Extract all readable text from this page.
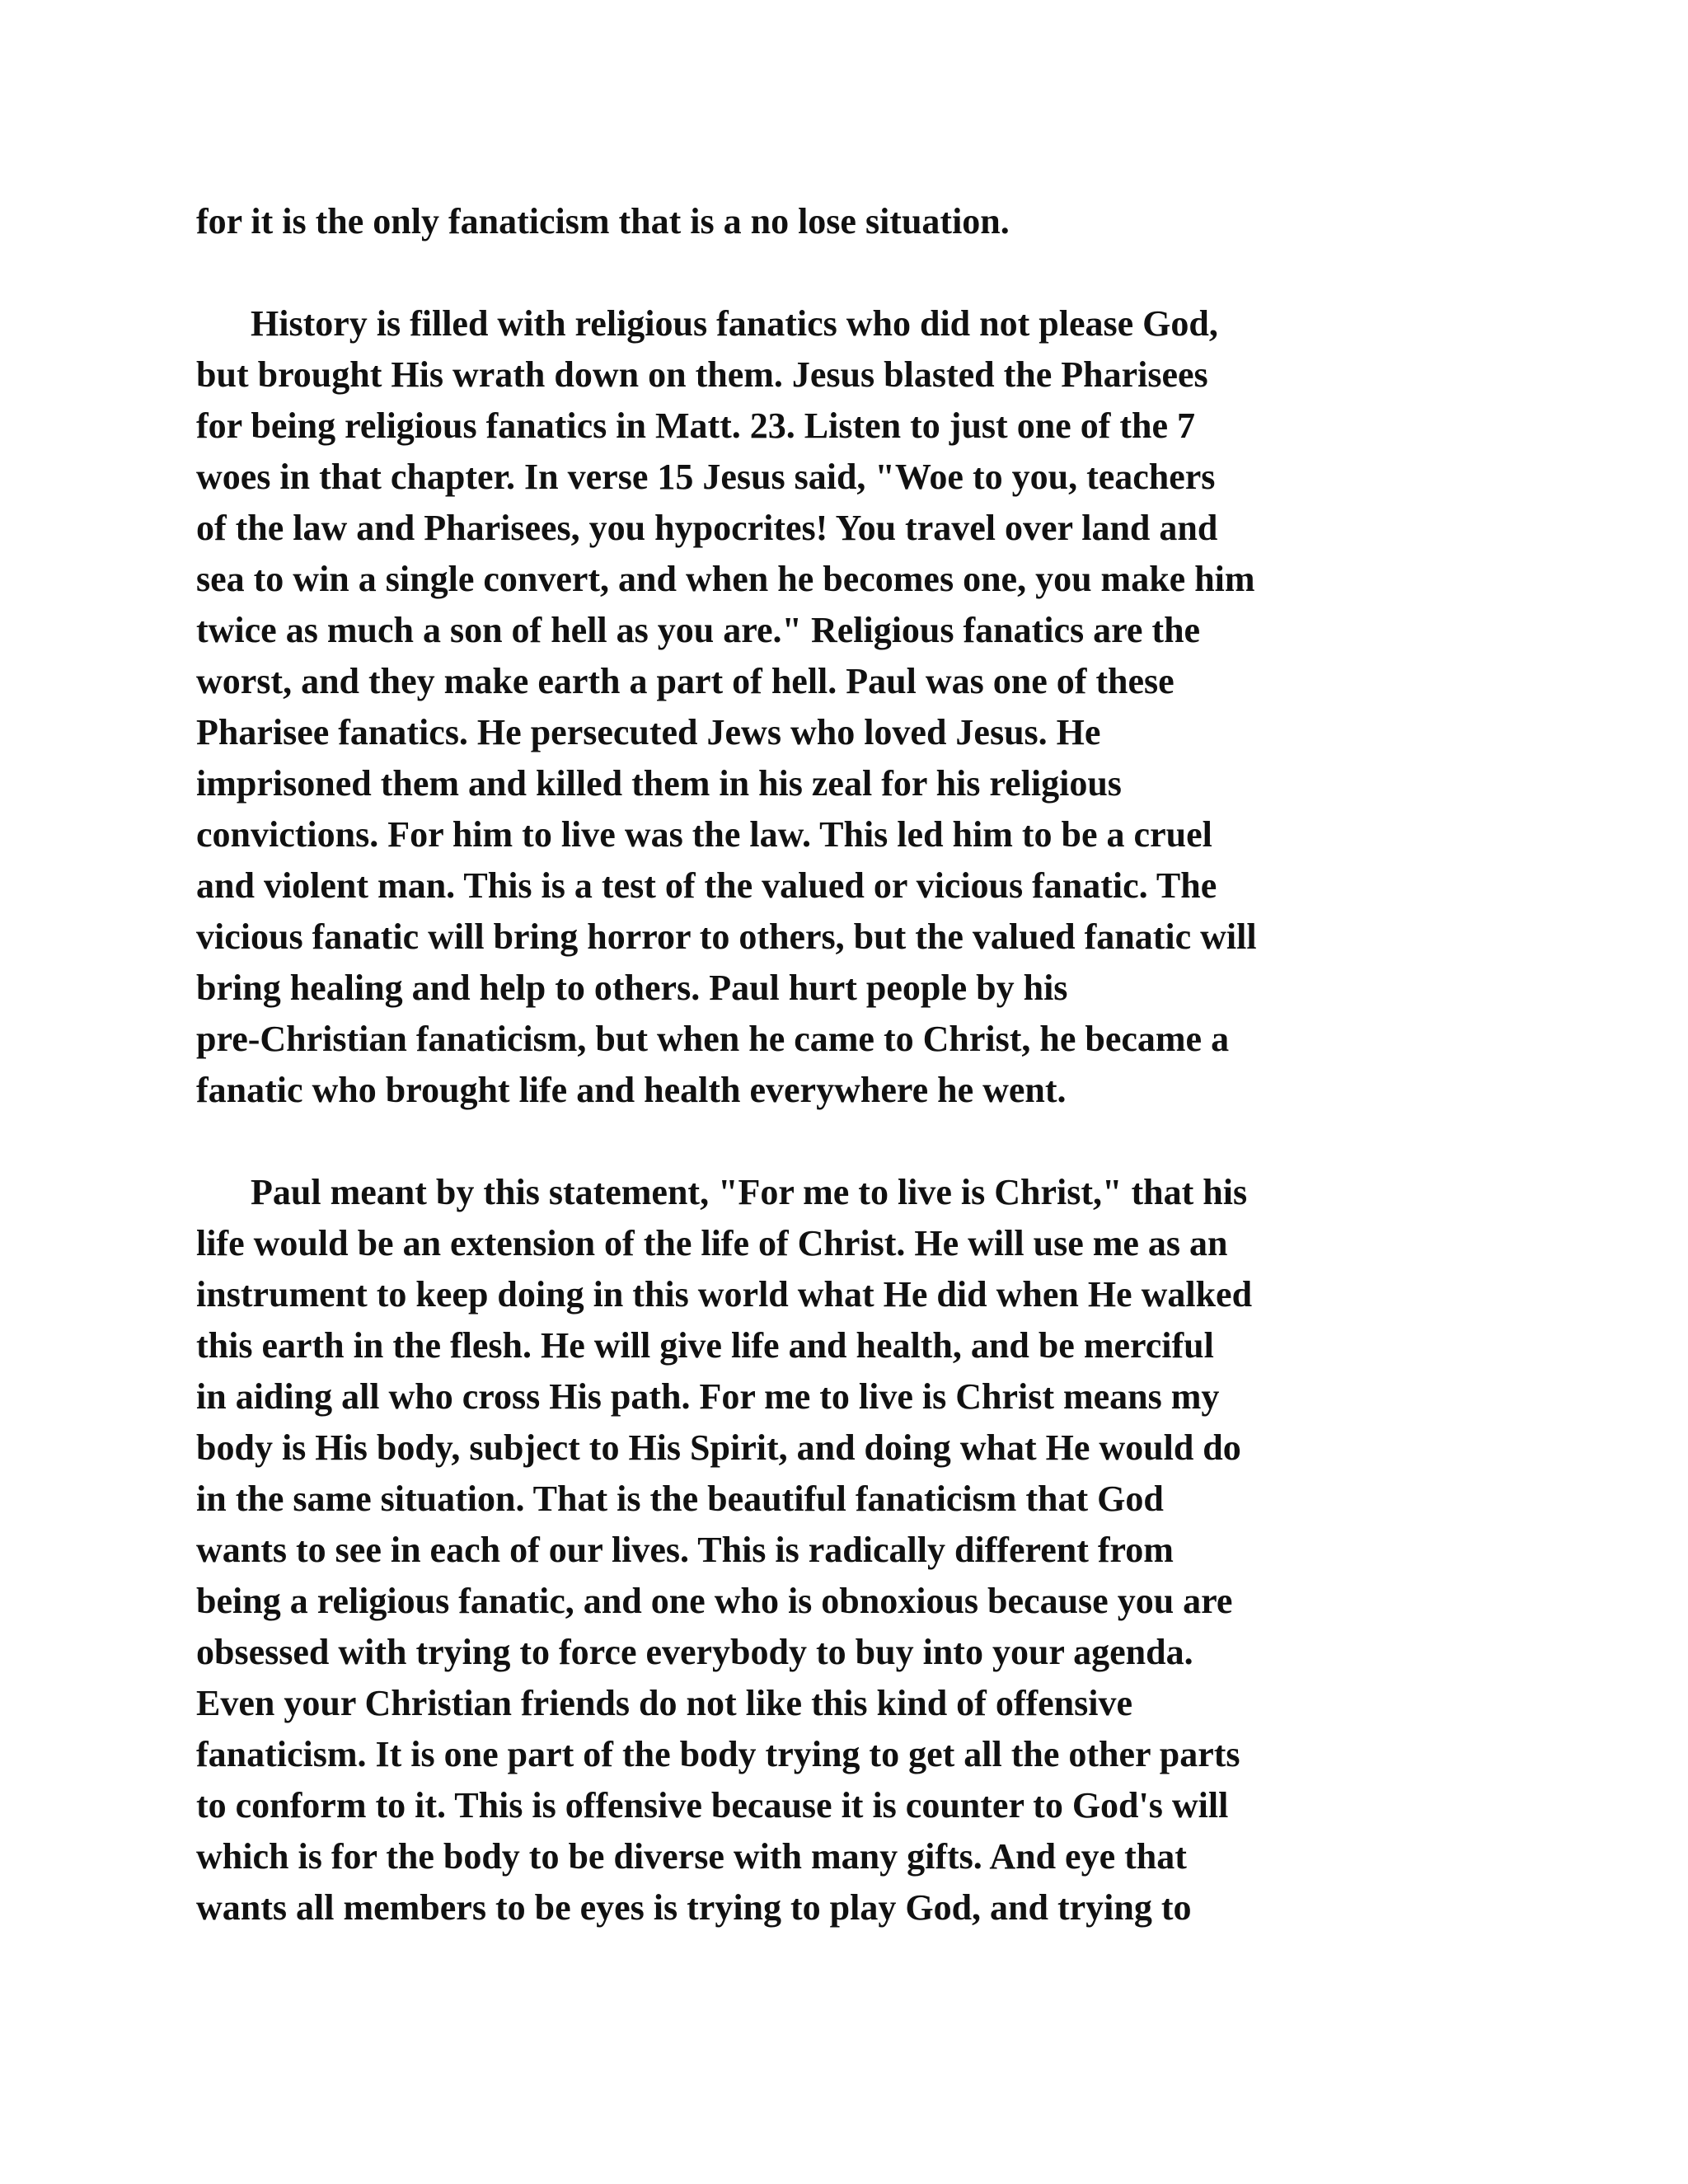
for it is the only fanaticism that is a no lose situation.
History is filled with religious fanatics who did not please God,
but brought His wrath down on them. Jesus blasted the Pharisees
for being religious fanatics in Matt. 23. Listen to just one of the 7
woes in that chapter. In verse 15 Jesus said, "Woe to you, teachers
of the law and Pharisees, you hypocrites! You travel over land and
sea to win a single convert, and when he becomes one, you make him
twice as much a son of hell as you are." Religious fanatics are the
worst, and they make earth a part of hell. Paul was one of these
Pharisee fanatics. He persecuted Jews who loved Jesus. He
imprisoned them and killed them in his zeal for his religious
convictions. For him to live was the law. This led him to be a cruel
and violent man. This is a test of the valued or vicious fanatic. The
vicious fanatic will bring horror to others, but the valued fanatic will
bring healing and help to others. Paul hurt people by his
pre-Christian fanaticism, but when he came to Christ, he became a
fanatic who brought life and health everywhere he went.
Paul meant by this statement, "For me to live is Christ," that his
life would be an extension of the life of Christ. He will use me as an
instrument to keep doing in this world what He did when He walked
this earth in the flesh. He will give life and health, and be merciful
in aiding all who cross His path. For me to live is Christ means my
body is His body, subject to His Spirit, and doing what He would do
in the same situation. That is the beautiful fanaticism that God
wants to see in each of our lives. This is radically different from
being a religious fanatic, and one who is obnoxious because you are
obsessed with trying to force everybody to buy into your agenda.
Even your Christian friends do not like this kind of offensive
fanaticism. It is one part of the body trying to get all the other parts
to conform to it. This is offensive because it is counter to God's will
which is for the body to be diverse with many gifts. And eye that
wants all members to be eyes is trying to play God, and trying to
